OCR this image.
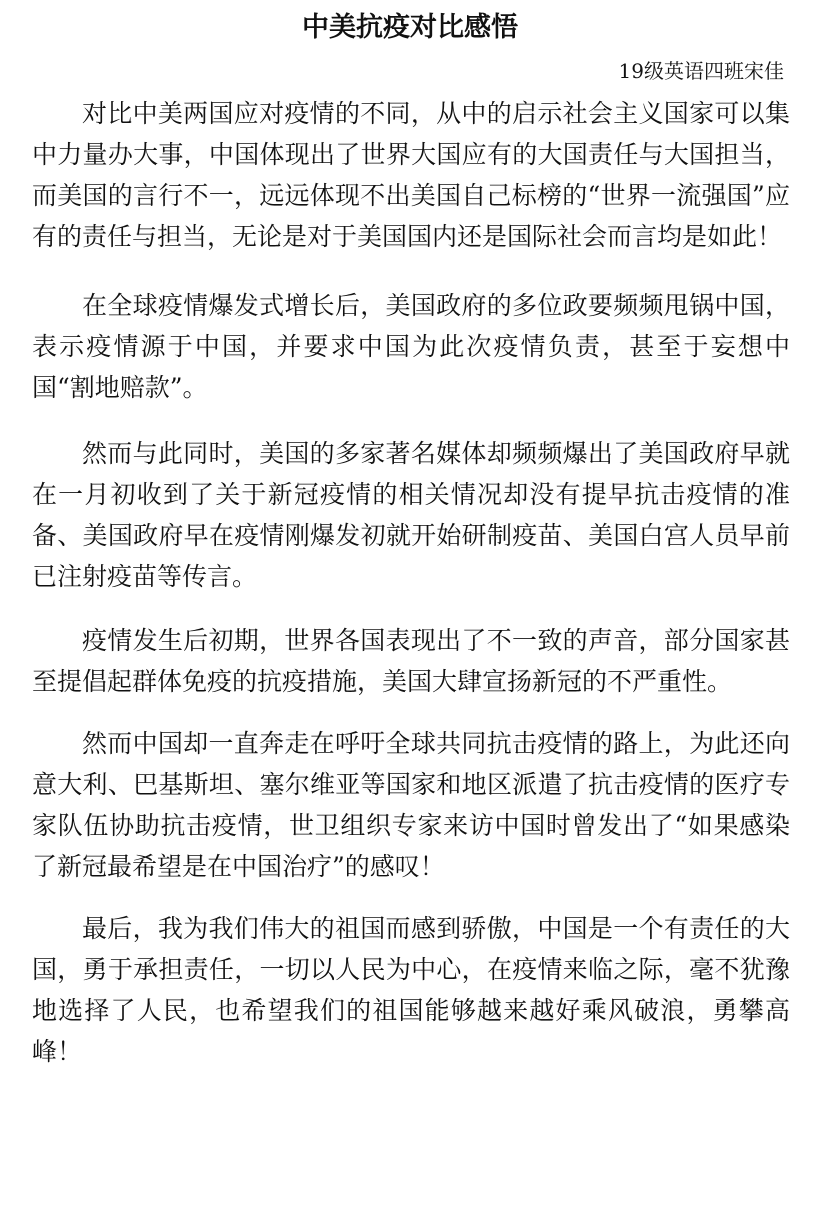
中美抗疫对比感悟

19级英语四班宋佳

对比中美两国应对疫情的不同，从中的启示社会主义国家可以集中力量办大事，中国体现出了世界大国应有的大国责任与大国担当，而美国的言行不一，远远体现不出美国自己标榜的“世界一流强国”应有的责任与担当，无论是对于美国国内还是国际社会而言均是如此！

在全球疫情爆发式增长后，美国政府的多位政要频频甩锅中国，表示疫情源于中国，并要求中国为此次疫情负责，甚至于妄想中国“割地赔款”。

然而与此同时，美国的多家著名媒体却频频爆出了美国政府早就在一月初收到了关于新冠疫情的相关情况却没有提早抗击疫情的准备、美国政府早在疫情刚爆发初就开始研制疫苗、美国白宫人员早前已注射疫苗等传言。

疫情发生后初期，世界各国表现出了不一致的声音，部分国家甚至提倡起群体免疫的抗疫措施，美国大肆宣扬新冠的不严重性。

然而中国却一直奔走在呼吁全球共同抗击疫情的路上，为此还向意大利、巴基斯坦、塞尔维亚等国家和地区派遣了抗击疫情的医疗专家队伍协助抗击疫情，世卫组织专家来访中国时曾发出了“如果感染了新冠最希望是在中国治疗”的感叹！

最后，我为我们伟大的祖国而感到骄傲，中国是一个有责任的大国，勇于承担责任，一切以人民为中心，在疫情来临之际，毫不犹豫地选择了人民，也希望我们的祖国能够越来越好乘风破浪，勇攀高峰！
